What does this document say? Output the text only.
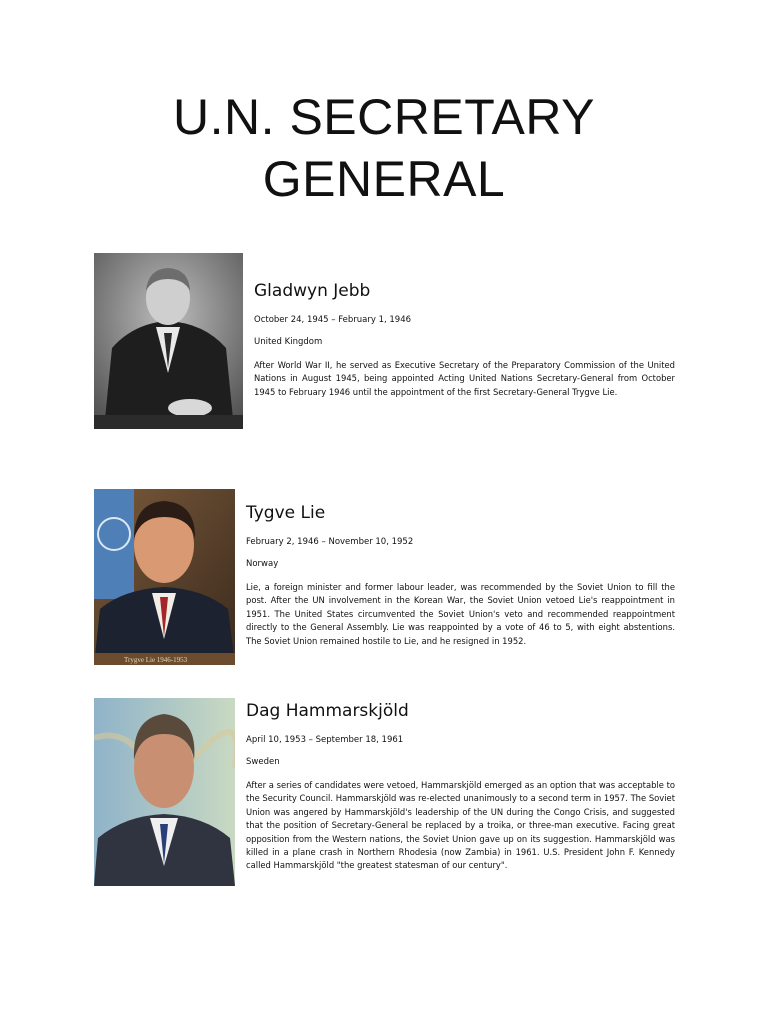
U.N. SECRETARY
GENERAL
Gladwyn Jebb
October 24, 1945 – February 1, 1946
United Kingdom

After World War II, he served as Executive Secretary of the Preparatory Commission of the United Nations in August 1945, being appointed Acting United Nations Secretary-General from October 1945 to February 1946 until the appointment of the first Secretary-General Trygve Lie.

Trygve Lie 1946-1953
Tygve Lie
February 2, 1946 – November 10, 1952
Norway

Lie, a foreign minister and former labour leader, was recommended by the Soviet Union to fill the post. After the UN involvement in the Korean War, the Soviet Union vetoed Lie's reappointment in 1951. The United States circumvented the Soviet Union's veto and recommended reappointment directly to the General Assembly. Lie was reappointed by a vote of 46 to 5, with eight abstentions. The Soviet Union remained hostile to Lie, and he resigned in 1952.

Dag Hammarskjöld
April 10, 1953 – September 18, 1961
Sweden

After a series of candidates were vetoed, Hammarskjöld emerged as an option that was acceptable to the Security Council. Hammarskjöld was re-elected unanimously to a second term in 1957. The Soviet Union was angered by Hammarskjöld's leadership of the UN during the Congo Crisis, and suggested that the position of Secretary-General be replaced by a troika, or three-man executive. Facing great opposition from the Western nations, the Soviet Union gave up on its suggestion. Hammarskjöld was killed in a plane crash in Northern Rhodesia (now Zambia) in 1961. U.S. President John F. Kennedy called Hammarskjöld "the greatest statesman of our century".
